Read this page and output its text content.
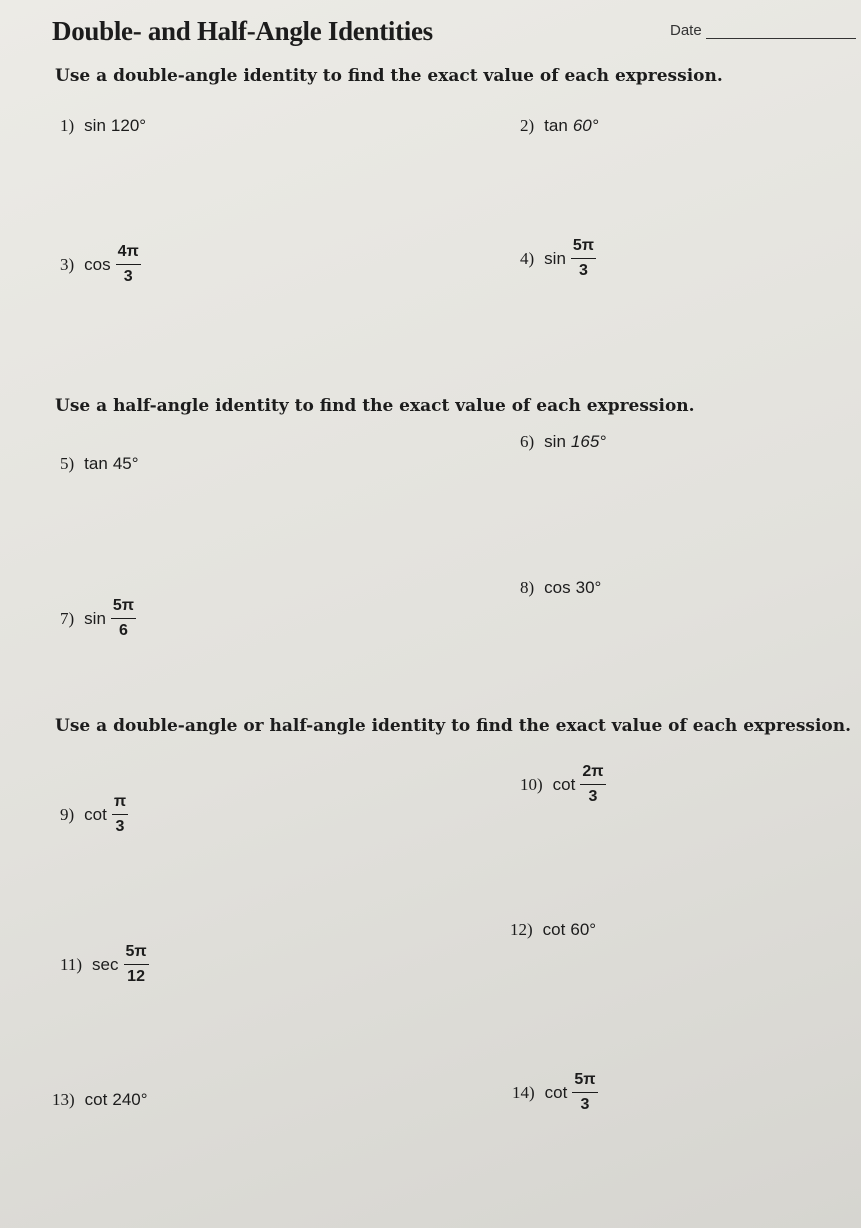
Double- and Half-Angle Identities	Date
Use a double-angle identity to find the exact value of each expression.
1) sin 120°	2) tan 60°
3) $\cos \frac{4\pi}{3}$	4) $\sin \frac{5\pi}{3}$
Use a half-angle identity to find the exact value of each expression.
5) tan 45°
6) sin 165°
7) $\sin \frac{5\pi}{6}$
8) cos 30°
Use a double-angle or half-angle identity to find the exact value of each expression.
9) $\cot \frac{\pi}{3}$
10) $\cot \frac{2\pi}{3}$
11) $\sec \frac{5\pi}{12}$
12) cot 60°
13) cot 240°	14) $\cot \frac{5\pi}{3}$
